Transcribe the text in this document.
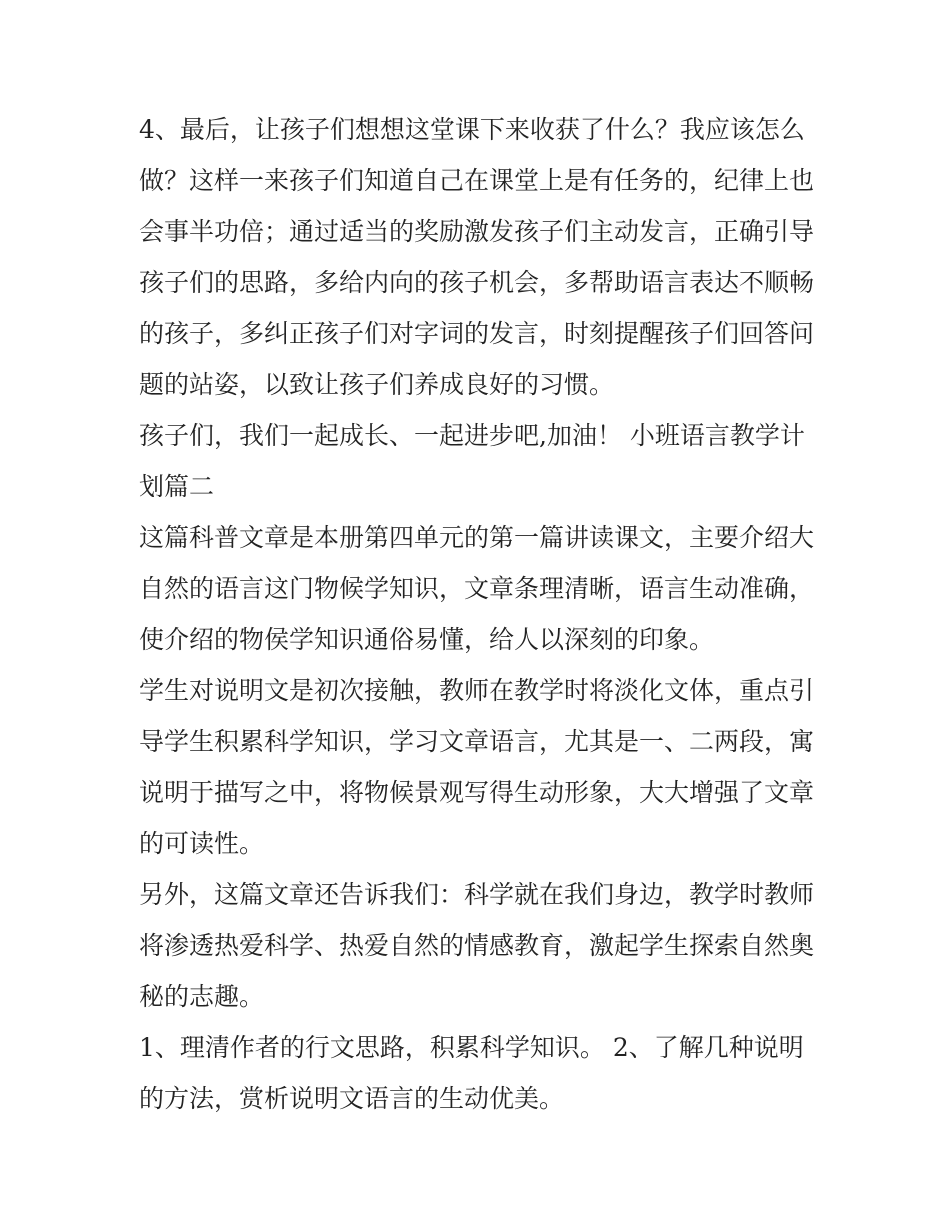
4、最后，让孩子们想想这堂课下来收获了什么？我应该怎么
做？这样一来孩子们知道自己在课堂上是有任务的，纪律上也
会事半功倍；通过适当的奖励激发孩子们主动发言，正确引导
孩子们的思路，多给内向的孩子机会，多帮助语言表达不顺畅
的孩子，多纠正孩子们对字词的发言，时刻提醒孩子们回答问
题的站姿，以致让孩子们养成良好的习惯。

孩子们，我们一起成长、一起进步吧,加油！ 小班语言教学计
划篇二

这篇科普文章是本册第四单元的第一篇讲读课文，主要介绍大
自然的语言这门物候学知识，文章条理清晰，语言生动准确，
使介绍的物侯学知识通俗易懂，给人以深刻的印象。

学生对说明文是初次接触，教师在教学时将淡化文体，重点引
导学生积累科学知识，学习文章语言，尤其是一、二两段，寓
说明于描写之中，将物候景观写得生动形象，大大增强了文章
的可读性。

另外，这篇文章还告诉我们：科学就在我们身边，教学时教师
将渗透热爱科学、热爱自然的情感教育，激起学生探索自然奥
秘的志趣。

1、理清作者的行文思路，积累科学知识。 2、了解几种说明
的方法，赏析说明文语言的生动优美。
